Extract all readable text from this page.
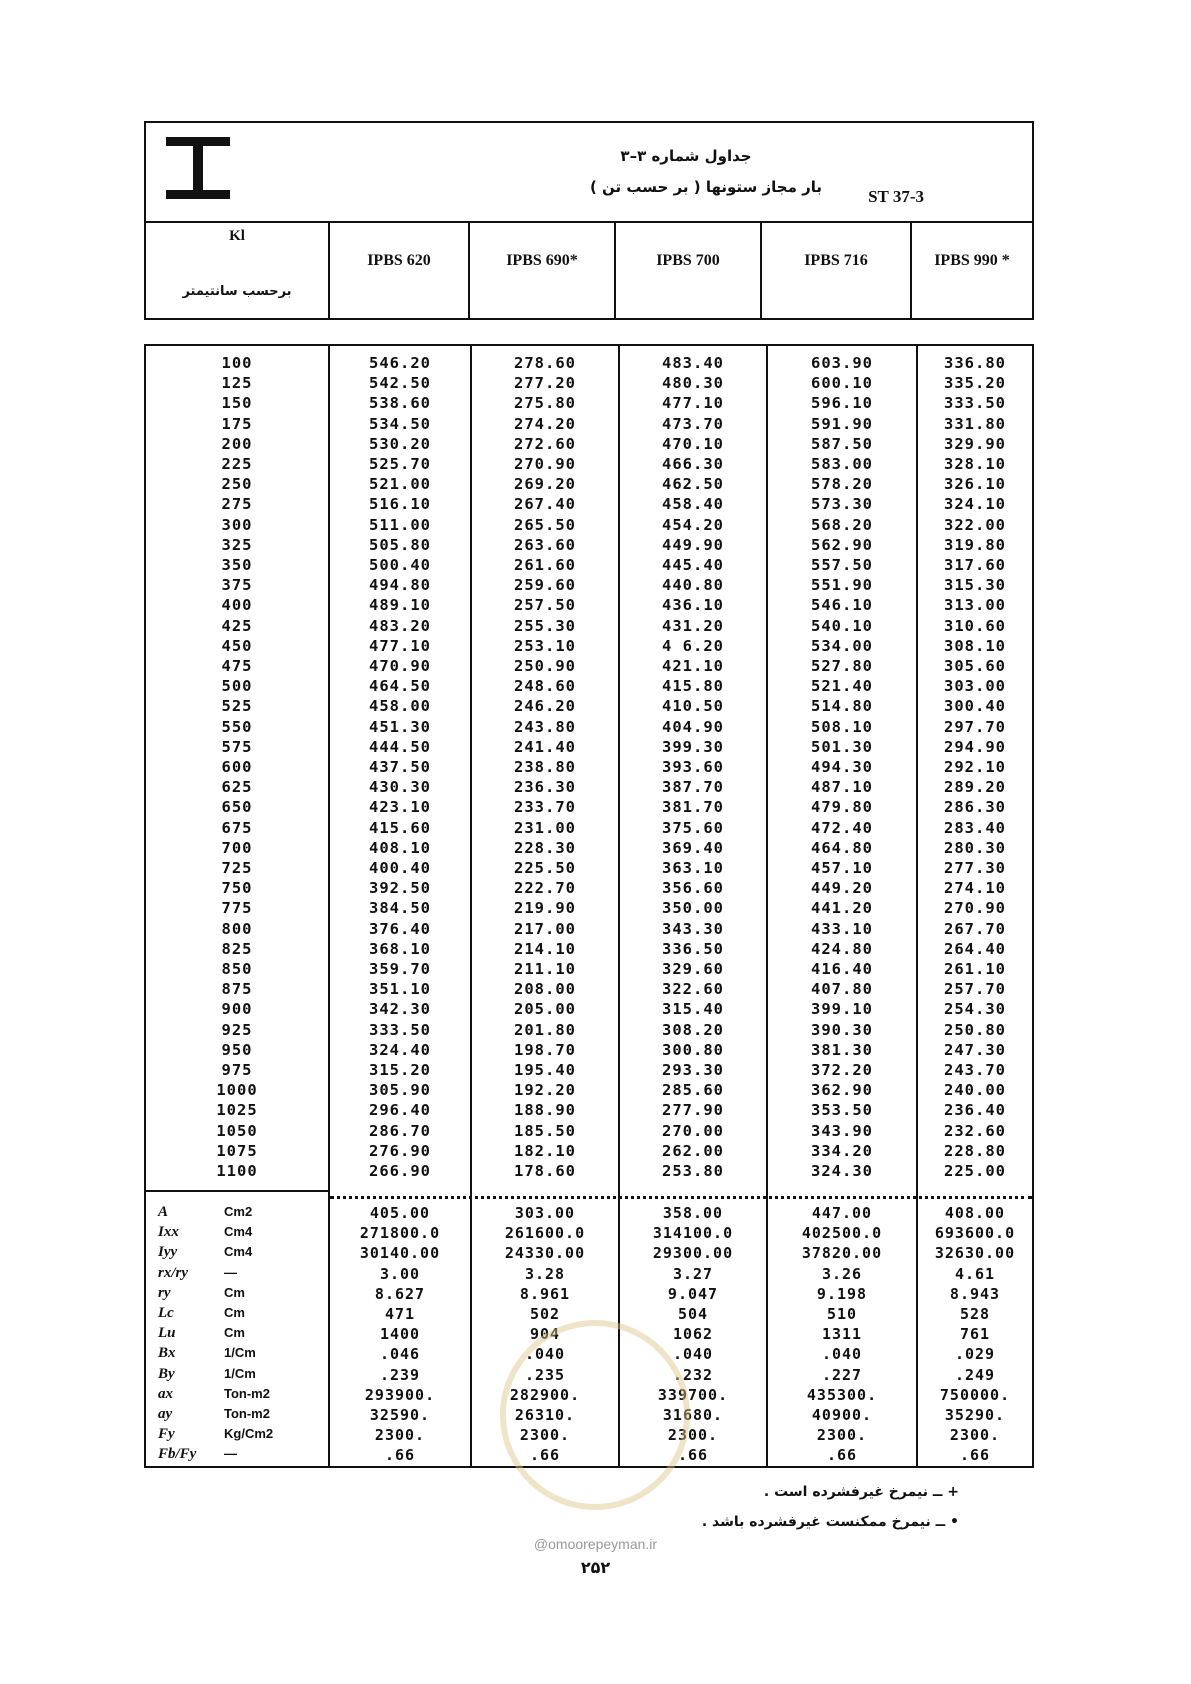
جداول شماره ۳–۳
بار مجاز ستونها ( بر حسب تن )	ST 37-3
Kl
برحسب سانتيمتر
IPBS 620	IPBS 690*	IPBS 700	IPBS 716	IPBS 990 *
100	546.20	278.60	483.40	603.90	336.80
125	542.50	277.20	480.30	600.10	335.20
150	538.60	275.80	477.10	596.10	333.50
175	534.50	274.20	473.70	591.90	331.80
200	530.20	272.60	470.10	587.50	329.90
225	525.70	270.90	466.30	583.00	328.10
250	521.00	269.20	462.50	578.20	326.10
275	516.10	267.40	458.40	573.30	324.10
300	511.00	265.50	454.20	568.20	322.00
325	505.80	263.60	449.90	562.90	319.80
350	500.40	261.60	445.40	557.50	317.60
375	494.80	259.60	440.80	551.90	315.30
400	489.10	257.50	436.10	546.10	313.00
425	483.20	255.30	431.20	540.10	310.60
450	477.10	253.10	4 6.20	534.00	308.10
475	470.90	250.90	421.10	527.80	305.60
500	464.50	248.60	415.80	521.40	303.00
525	458.00	246.20	410.50	514.80	300.40
550	451.30	243.80	404.90	508.10	297.70
575	444.50	241.40	399.30	501.30	294.90
600	437.50	238.80	393.60	494.30	292.10
625	430.30	236.30	387.70	487.10	289.20
650	423.10	233.70	381.70	479.80	286.30
675	415.60	231.00	375.60	472.40	283.40
700	408.10	228.30	369.40	464.80	280.30
725	400.40	225.50	363.10	457.10	277.30
750	392.50	222.70	356.60	449.20	274.10
775	384.50	219.90	350.00	441.20	270.90
800	376.40	217.00	343.30	433.10	267.70
825	368.10	214.10	336.50	424.80	264.40
850	359.70	211.10	329.60	416.40	261.10
875	351.10	208.00	322.60	407.80	257.70
900	342.30	205.00	315.40	399.10	254.30
925	333.50	201.80	308.20	390.30	250.80
950	324.40	198.70	300.80	381.30	247.30
975	315.20	195.40	293.30	372.20	243.70
1000	305.90	192.20	285.60	362.90	240.00
1025	296.40	188.90	277.90	353.50	236.40
1050	286.70	185.50	270.00	343.90	232.60
1075	276.90	182.10	262.00	334.20	228.80
1100	266.90	178.60	253.80	324.30	225.00
A	Cm2	405.00	303.00	358.00	447.00	408.00
Ixx	Cm4	271800.0	261600.0	314100.0	402500.0	693600.0
Iyy	Cm4	30140.00	24330.00	29300.00	37820.00	32630.00
rx/ry	—	3.00	3.28	3.27	3.26	4.61
ry	Cm	8.627	8.961	9.047	9.198	8.943
Lc	Cm	471	502	504	510	528
Lu	Cm	1400	904	1062	1311	761
Bx	1/Cm	.046	.040	.040	.040	.029
By	1/Cm	.239	.235	.232	.227	.249
ax	Ton-m2	293900.	282900.	339700.	435300.	750000.
ay	Ton-m2	32590.	26310.	31680.	40900.	35290.
Fy	Kg/Cm2	2300.	2300.	2300.	2300.	2300.
Fb/Fy	—	.66	.66	.66	.66	.66
+ ــ نیمرخ غیرفشرده است .
• ــ نیمرخ ممکنست غیرفشرده باشد .
@omoorepeyman.ir
۲۵۲
